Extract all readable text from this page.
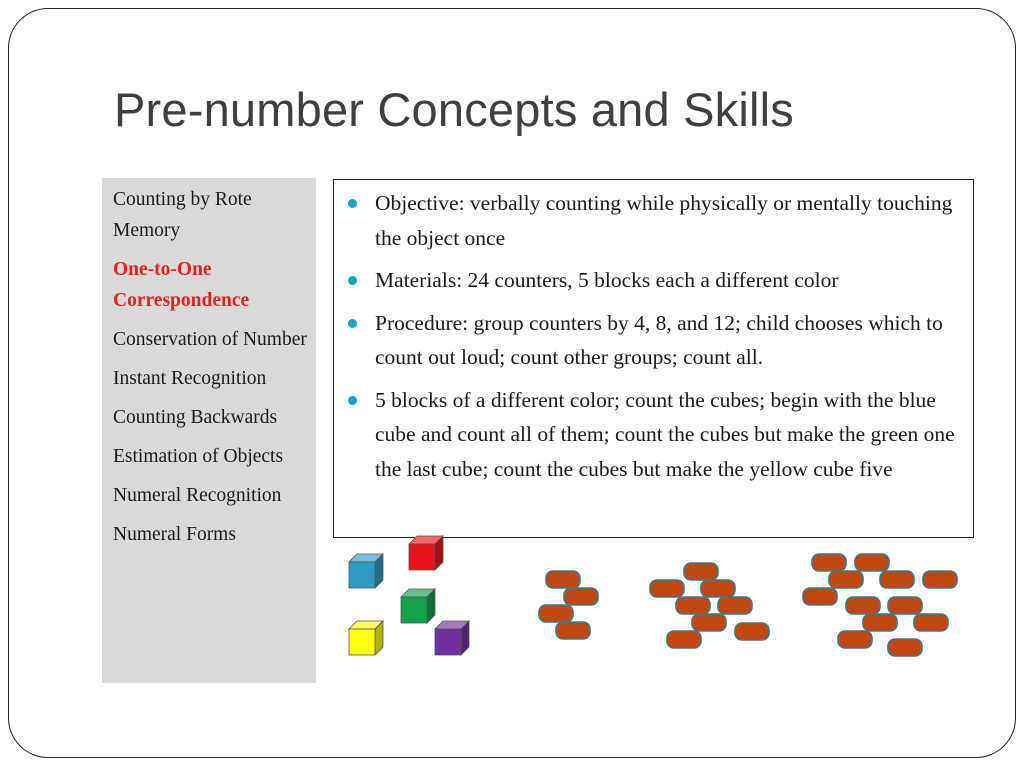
Pre-number Concepts and Skills
Counting by Rote Memory
One-to-One Correspondence
Conservation of Number
Instant Recognition
Counting Backwards
Estimation of Objects
Numeral Recognition
Numeral Forms
Objective: verbally counting while physically or mentally touching the object once
Materials: 24 counters, 5 blocks each a different color
Procedure: group counters by 4, 8, and 12; child chooses which to count out loud; count other groups; count all.
5 blocks of a different color; count the cubes; begin with the blue cube and count all of them; count the cubes but make the green one the last cube; count the cubes but make the yellow cube five
